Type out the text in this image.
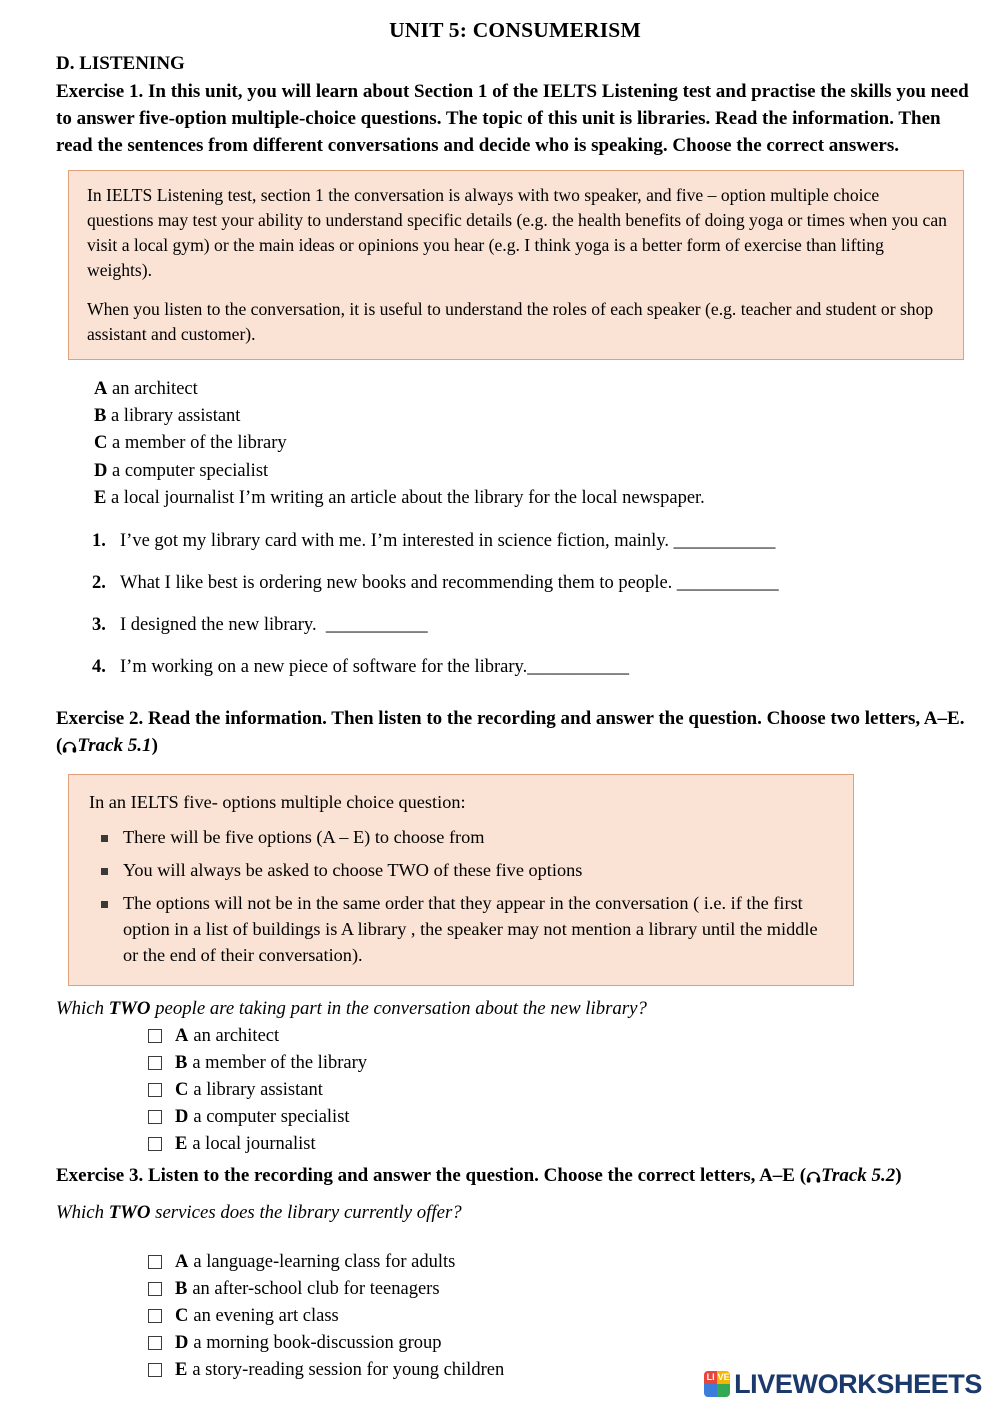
UNIT 5: CONSUMERISM
D. LISTENING
Exercise 1. In this unit, you will learn about Section 1 of the IELTS Listening test and practise the skills you need to answer five-option multiple-choice questions. The topic of this unit is libraries. Read the information. Then read the sentences from different conversations and decide who is speaking. Choose the correct answers.

In IELTS Listening test, section 1 the conversation is always with two speaker, and five – option multiple choice questions may test your ability to understand specific details (e.g. the health benefits of doing yoga or times when you can visit a local gym) or the main ideas or opinions you hear (e.g. I think yoga is a better form of exercise than lifting weights).

When you listen to the conversation, it is useful to understand the roles of each speaker (e.g. teacher and student or shop assistant and customer).

A an architect
B a library assistant
C a member of the library
D a computer specialist
E a local journalist I’m writing an article about the library for the local newspaper.
1. I’ve got my library card with me. I’m interested in science fiction, mainly. ___________
2. What I like best is ordering new books and recommending them to people. ___________
3. I designed the new library. ___________
4. I’m working on a new piece of software for the library.___________
Exercise 2. Read the information. Then listen to the recording and answer the question. Choose two letters, A–E. ( Track 5.1)
In an IELTS five- options multiple choice question:
There will be five options (A – E) to choose from
You will always be asked to choose TWO of these five options
The options will not be in the same order that they appear in the conversation ( i.e. if the first option in a list of buildings is A library , the speaker may not mention a library until the middle or the end of their conversation).
Which TWO people are taking part in the conversation about the new library?
A an architect
B a member of the library
C a library assistant
D a computer specialist
E a local journalist
Exercise 3. Listen to the recording and answer the question. Choose the correct letters, A–E ( Track 5.2)
Which TWO services does the library currently offer?
A a language-learning class for adults
B an after-school club for teenagers
C an evening art class
D a morning book-discussion group
E a story-reading session for young children	LI VE LIVEWORKSHEETS
